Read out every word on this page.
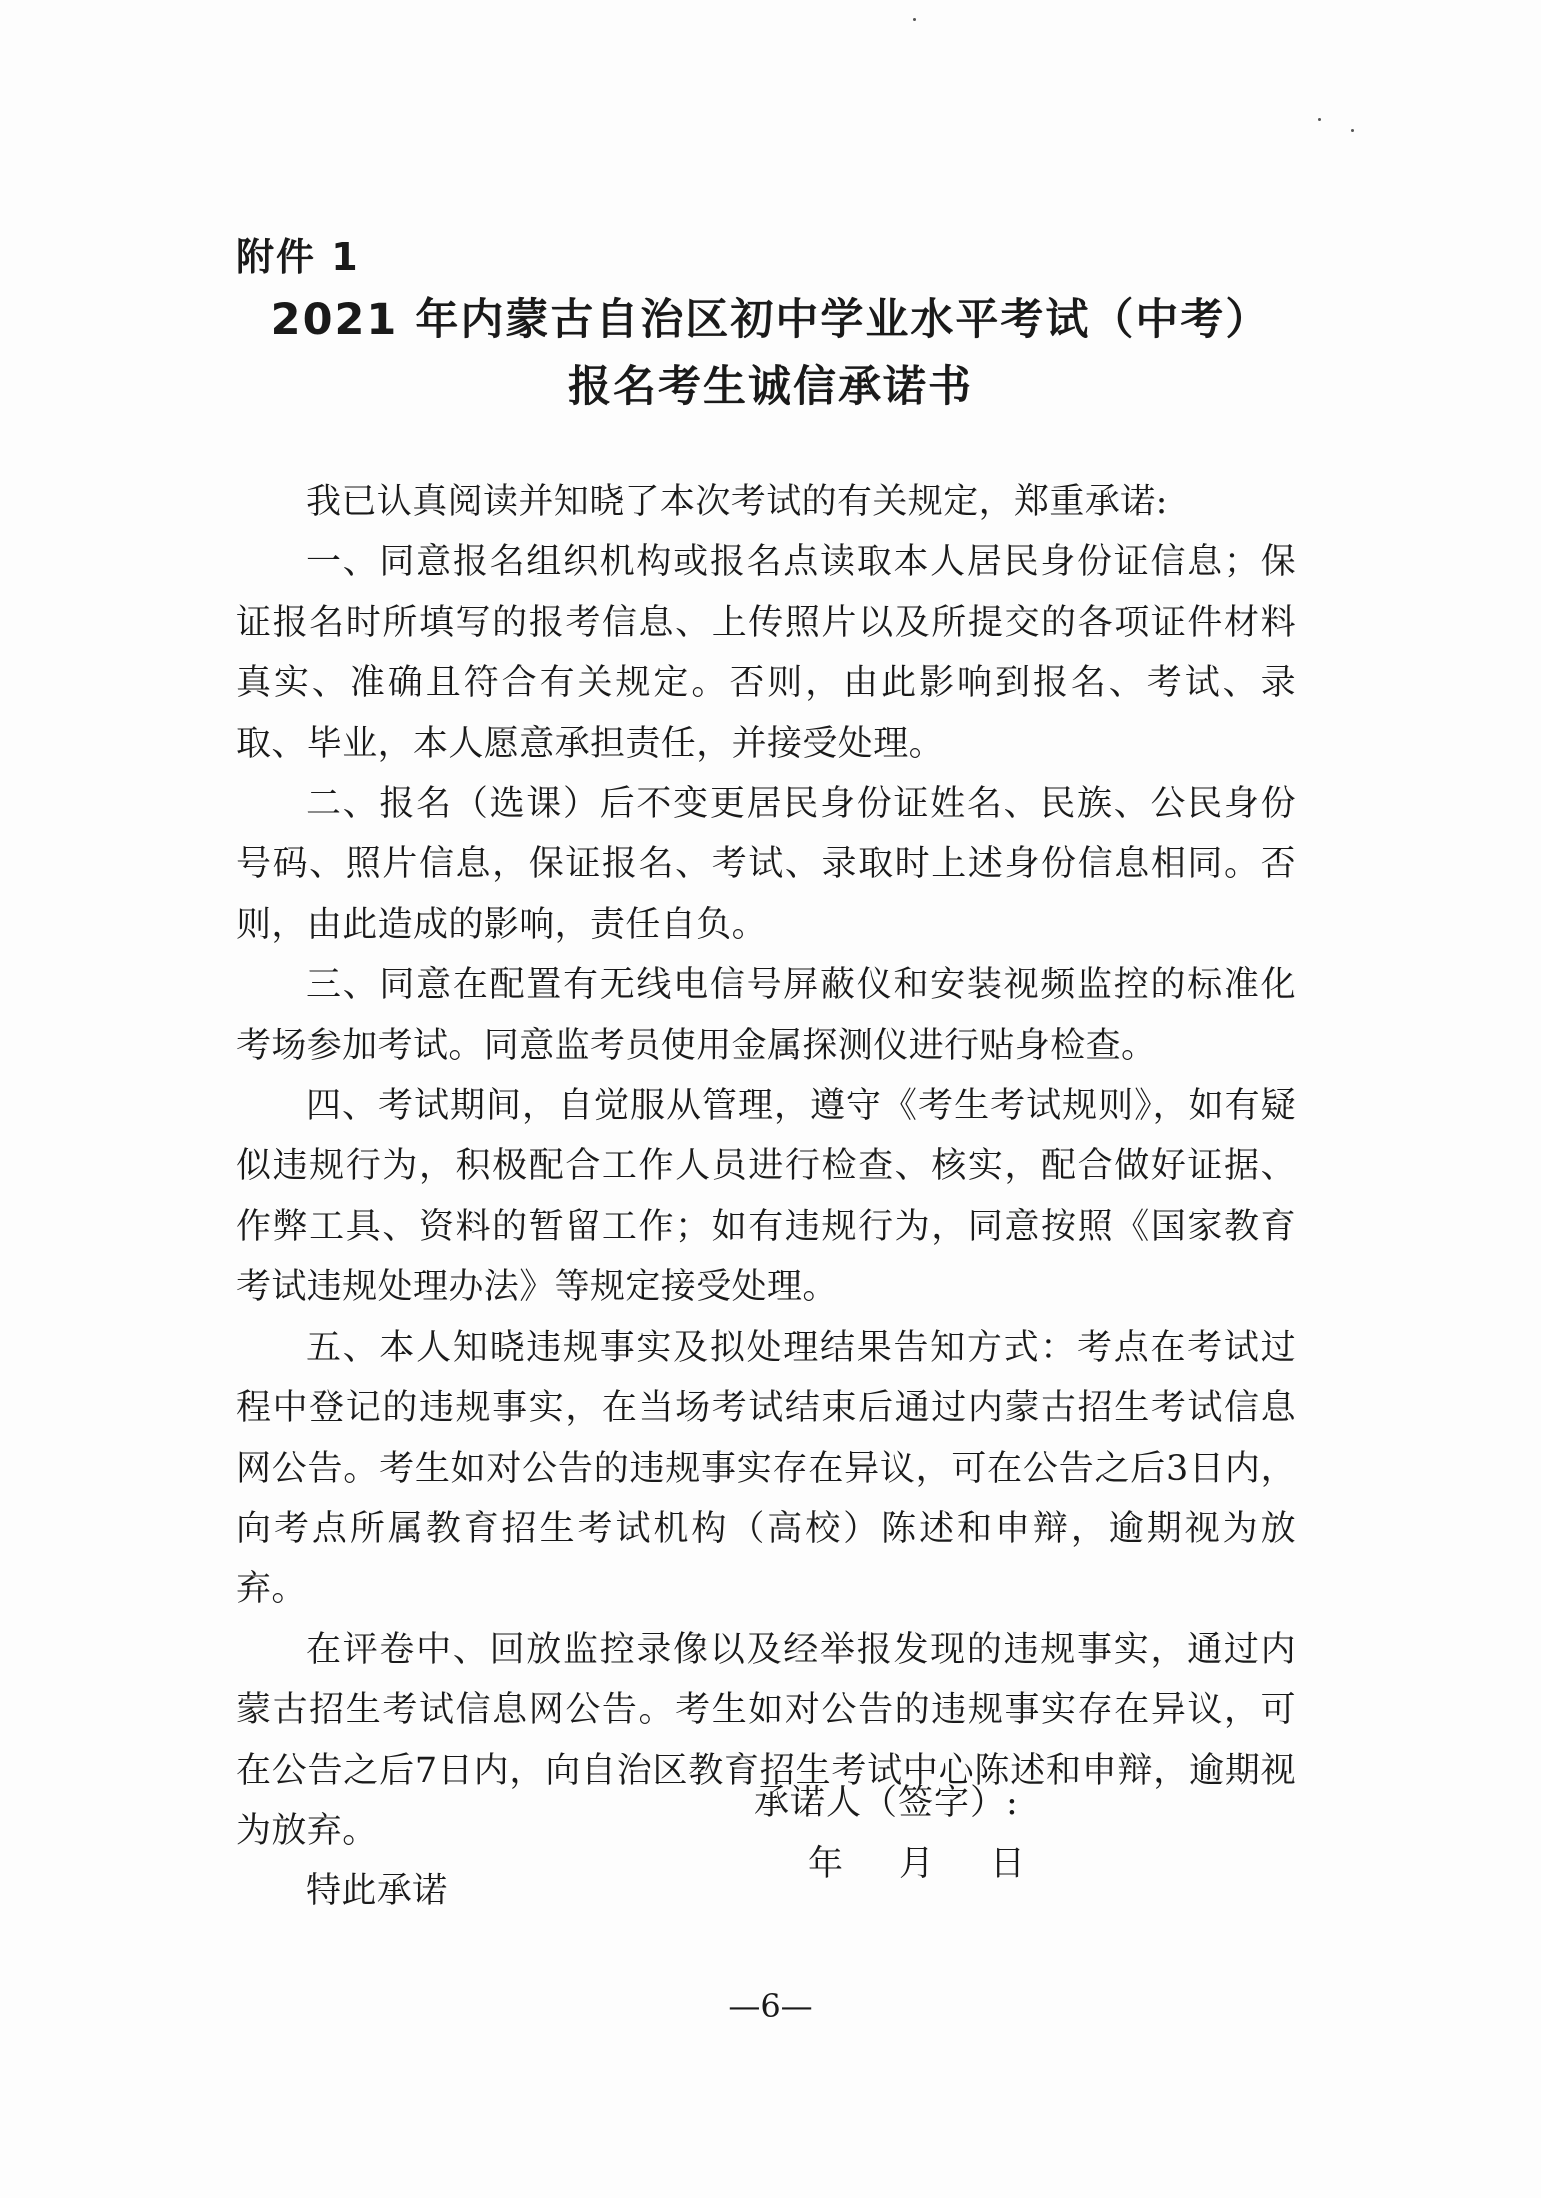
附件 1
2021 年内蒙古自治区初中学业水平考试（中考）
报名考生诚信承诺书

我已认真阅读并知晓了本次考试的有关规定，郑重承诺:

一、同意报名组织机构或报名点读取本人居民身份证信息；保证报名时所填写的报考信息、上传照片以及所提交的各项证件材料真实、准确且符合有关规定。否则，由此影响到报名、考试、录取、毕业，本人愿意承担责任，并接受处理。

二、报名（选课）后不变更居民身份证姓名、民族、公民身份号码、照片信息，保证报名、考试、录取时上述身份信息相同。否则，由此造成的影响，责任自负。

三、同意在配置有无线电信号屏蔽仪和安装视频监控的标准化考场参加考试。同意监考员使用金属探测仪进行贴身检查。

四、考试期间，自觉服从管理，遵守《考生考试规则》，如有疑似违规行为，积极配合工作人员进行检查、核实，配合做好证据、作弊工具、资料的暂留工作；如有违规行为，同意按照《国家教育考试违规处理办法》等规定接受处理。

五、本人知晓违规事实及拟处理结果告知方式：考点在考试过程中登记的违规事实，在当场考试结束后通过内蒙古招生考试信息网公告。考生如对公告的违规事实存在异议，可在公告之后3日内，向考点所属教育招生考试机构（高校）陈述和申辩，逾期视为放弃。

在评卷中、回放监控录像以及经举报发现的违规事实，通过内蒙古招生考试信息网公告。考生如对公告的违规事实存在异议，可在公告之后7日内，向自治区教育招生考试中心陈述和申辩，逾期视为放弃。

特此承诺

承诺人（签字）:
年 月 日
—6—
